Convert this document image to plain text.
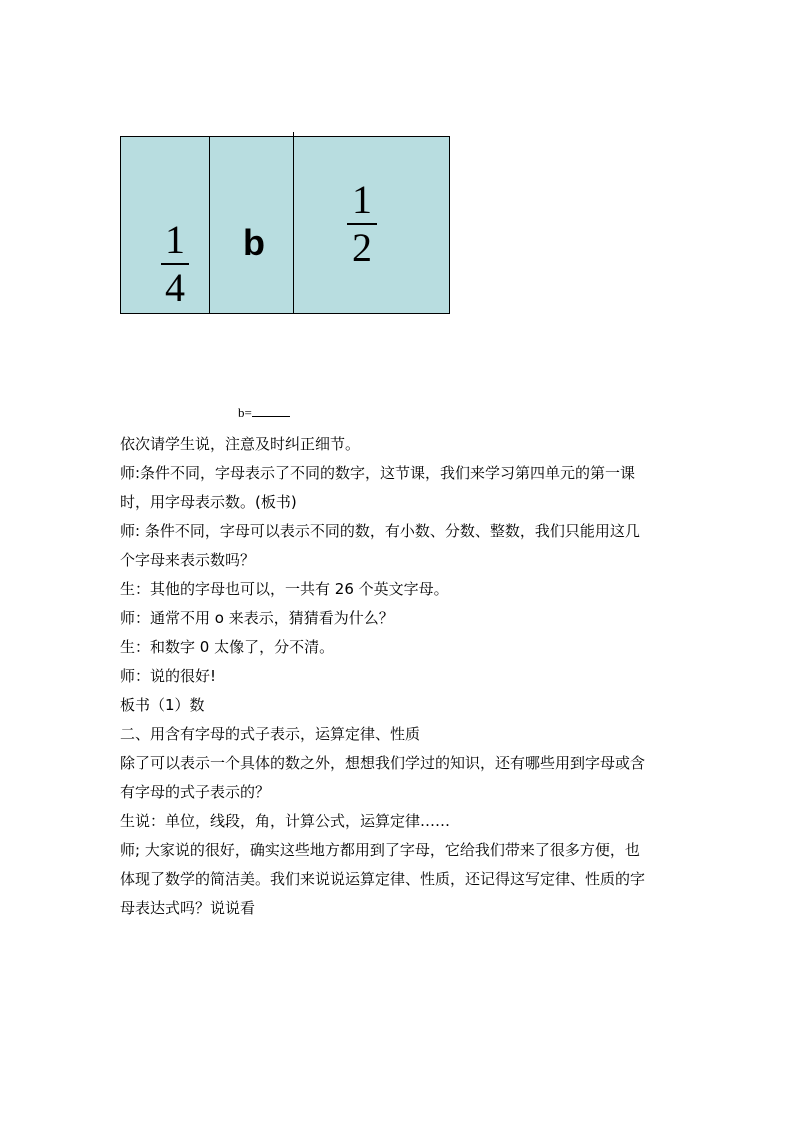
1
4
b
1
2
b=

依次请学生说，注意及时纠正细节。

师:条件不同，字母表示了不同的数字，这节课，我们来学习第四单元的第一课

时，用字母表示数。(板书)

师: 条件不同，字母可以表示不同的数，有小数、分数、整数，我们只能用这几

个字母来表示数吗？

生：其他的字母也可以，一共有 26 个英文字母。

师：通常不用 o 来表示，猜猜看为什么？

生：和数字 0 太像了，分不清。

师：说的很好!

板书（1）数

二、用含有字母的式子表示，运算定律、性质

除了可以表示一个具体的数之外，想想我们学过的知识，还有哪些用到字母或含

有字母的式子表示的？

生说：单位，线段，角，计算公式，运算定律……

师; 大家说的很好，确实这些地方都用到了字母，它给我们带来了很多方便，也

体现了数学的简洁美。我们来说说运算定律、性质，还记得这写定律、性质的字

母表达式吗？说说看
